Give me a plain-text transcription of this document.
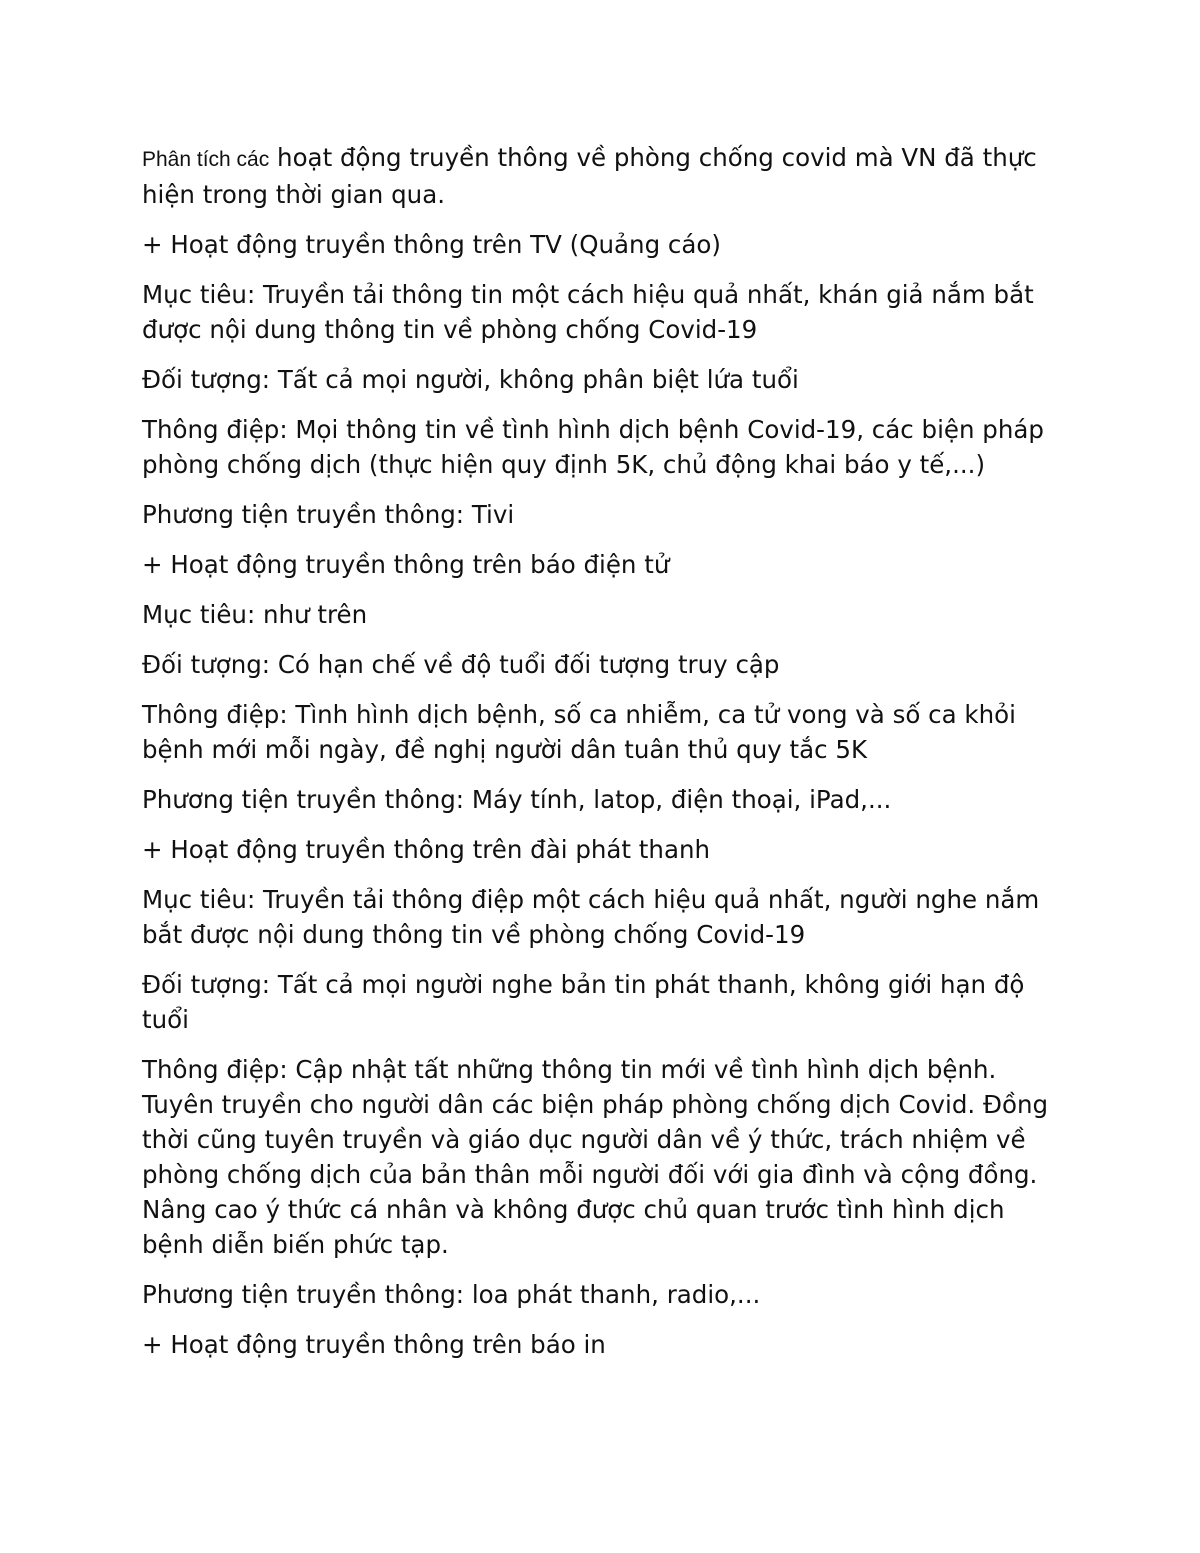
Phân tích các hoạt động truyền thông về phòng chống covid mà VN đã thực hiện trong thời gian qua.

+ Hoạt động truyền thông trên TV (Quảng cáo)

Mục tiêu: Truyền tải thông tin một cách hiệu quả nhất, khán giả nắm bắt được nội dung thông tin về phòng chống Covid-19

Đối tượng: Tất cả mọi người, không phân biệt lứa tuổi

Thông điệp: Mọi thông tin về tình hình dịch bệnh Covid-19, các biện pháp phòng chống dịch (thực hiện quy định 5K, chủ động khai báo y tế,...)

Phương tiện truyền thông: Tivi

+ Hoạt động truyền thông trên báo điện tử

Mục tiêu: như trên

Đối tượng: Có hạn chế về độ tuổi đối tượng truy cập

Thông điệp: Tình hình dịch bệnh, số ca nhiễm, ca tử vong và số ca khỏi bệnh mới mỗi ngày, đề nghị người dân tuân thủ quy tắc 5K

Phương tiện truyền thông: Máy tính, latop, điện thoại, iPad,...

+ Hoạt động truyền thông trên đài phát thanh

Mục tiêu: Truyền tải thông điệp một cách hiệu quả nhất, người nghe nắm bắt được nội dung thông tin về phòng chống Covid-19

Đối tượng: Tất cả mọi người nghe bản tin phát thanh, không giới hạn độ tuổi

Thông điệp: Cập nhật tất những thông tin mới về tình hình dịch bệnh. Tuyên truyền cho người dân các biện pháp phòng chống dịch Covid. Đồng thời cũng tuyên truyền và giáo dục người dân về ý thức, trách nhiệm về phòng chống dịch của bản thân mỗi người đối với gia đình và cộng đồng. Nâng cao ý thức cá nhân và không được chủ quan trước tình hình dịch bệnh diễn biến phức tạp.

Phương tiện truyền thông: loa phát thanh, radio,...

+ Hoạt động truyền thông trên báo in
